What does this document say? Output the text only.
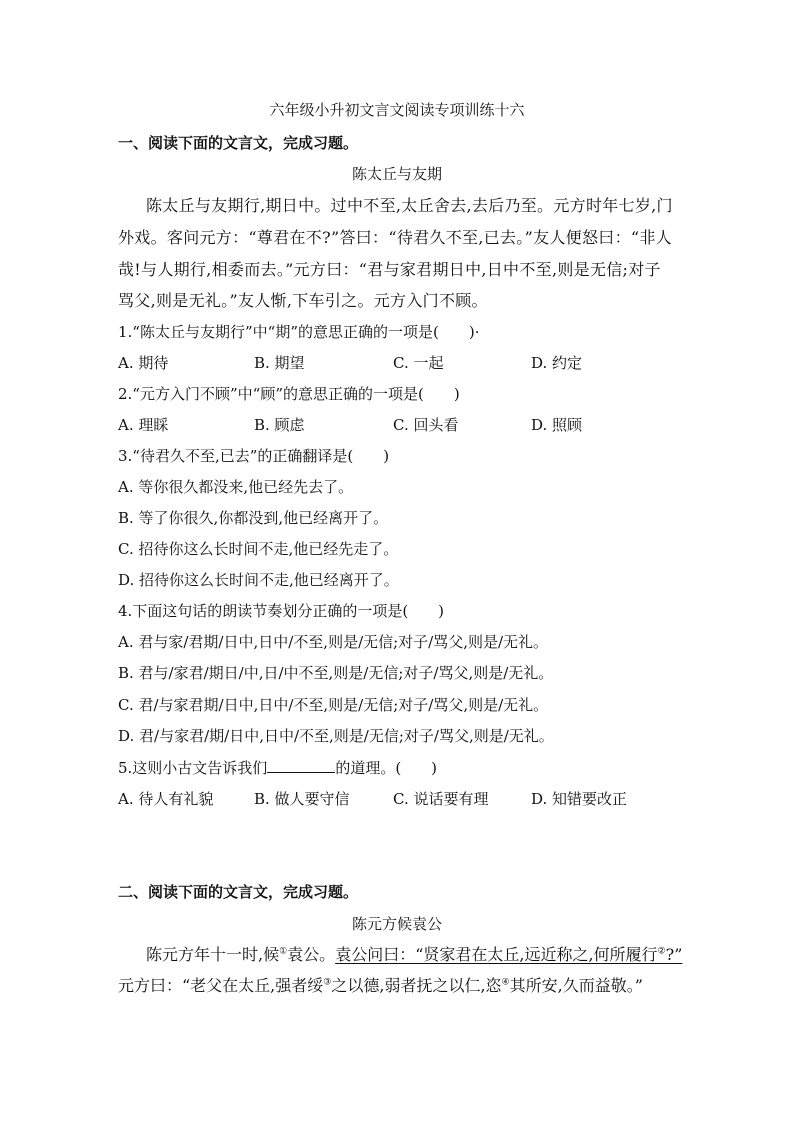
六年级小升初文言文阅读专项训练十六
一、阅读下面的文言文，完成习题。
陈太丘与友期
陈太丘与友期行,期日中。过中不至,太丘舍去,去后乃至。元方时年七岁,门
外戏。客问元方：“尊君在不?”答曰：“待君久不至,已去。”友人便怒曰：“非人
哉!与人期行,相委而去。”元方曰：“君与家君期日中,日中不至,则是无信;对子
骂父,则是无礼。”友人惭,下车引之。元方入门不顾。
1.“陈太丘与友期行”中“期”的意思正确的一项是(　　)·
A. 期待	B. 期望	C. 一起	D. 约定
2.“元方入门不顾”中“顾”的意思正确的一项是(　　)
A. 理睬	B. 顾虑	C. 回头看	D. 照顾
3.“待君久不至,已去”的正确翻译是(　　)
A. 等你很久都没来,他已经先去了。
B. 等了你很久,你都没到,他已经离开了。
C. 招待你这么长时间不走,他已经先走了。
D. 招待你这么长时间不走,他已经离开了。
4.下面这句话的朗读节奏划分正确的一项是(　　)
A. 君与家/君期/日中,日中/不至,则是/无信;对子/骂父,则是/无礼。
B. 君与/家君/期日/中,日/中不至,则是/无信;对子/骂父,则是/无礼。
C. 君/与家君期/日中,日中/不至,则是/无信;对子/骂父,则是/无礼。
D. 君/与家君/期/日中,日中/不至,则是/无信;对子/骂父,则是/无礼。
5.这则小古文告诉我们	的道理。(　　)
A. 待人有礼貌	B. 做人要守信	C. 说话要有理	D. 知错要改正
二、阅读下面的文言文，完成习题。
陈元方候袁公
陈元方年十一时,候①袁公。袁公问曰：“贤家君在太丘,远近称之,何所履行②?”
元方曰：“老父在太丘,强者绥③之以德,弱者抚之以仁,恣④其所安,久而益敬。”
